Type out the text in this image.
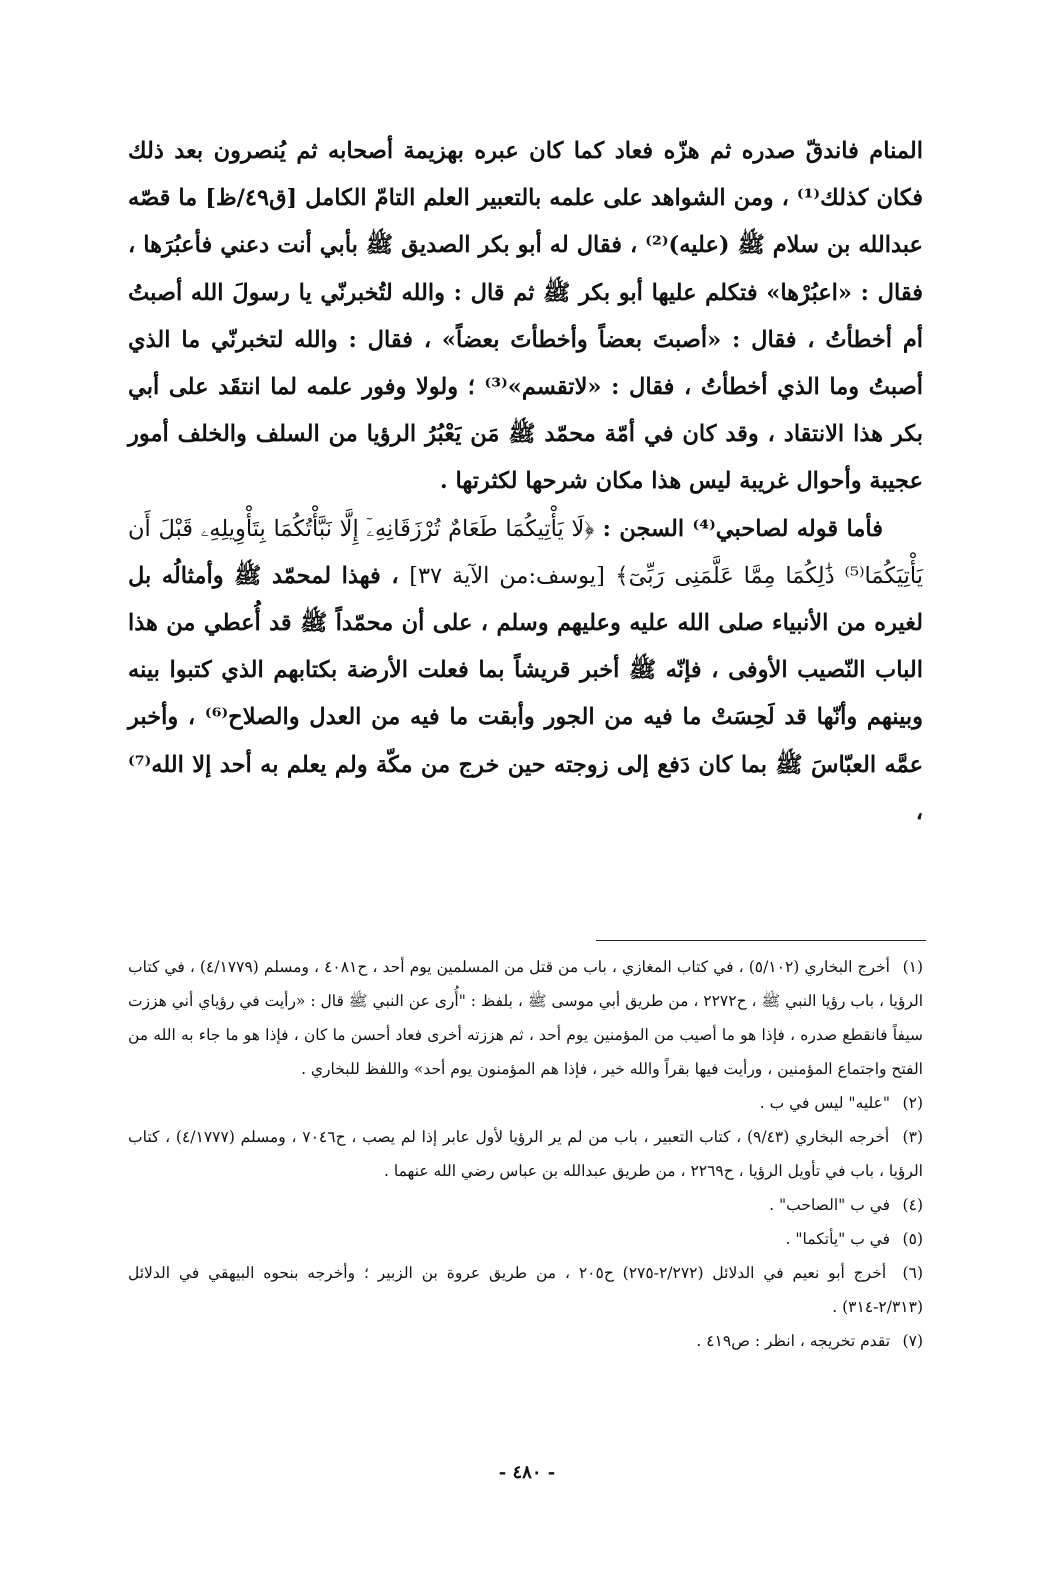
المنام فاندقّ صدره ثم هزّه فعاد كما كان عبره بهزيمة أصحابه ثم يُنصرون بعد ذلك فكان كذلك⁽¹⁾ ، ومن الشواهد على علمه بالتعبير العلم التامّ الكامل [ق٤٩/ظ] ما قصّه عبدالله بن سلام ﷺ (عليه)⁽²⁾ ، فقال له أبو بكر الصديق ﷺ بأبي أنت دعني فأعبُرَها ، فقال : «اعبُرْها» فتكلم عليها أبو بكر ﷺ ثم قال : والله لتُخبرنّي يا رسولَ الله أصبتُ أم أخطأتُ ، فقال : «أصبتَ بعضاً وأخطأتَ بعضاً» ، فقال : والله لتخبرنّي ما الذي أصبتُ وما الذي أخطأتُ ، فقال : «لاتقسم»⁽³⁾ ؛ ولولا وفور علمه لما انتقَد على أبي بكر هذا الانتقاد ، وقد كان في أمّة محمّد ﷺ مَن يَعْبُرُ الرؤيا من السلف والخلف أمور عجيبة وأحوال غريبة ليس هذا مكان شرحها لكثرتها .

فأما قوله لصاحبي⁽⁴⁾ السجن : ﴿لَا يَأْتِيكُمَا طَعَامٌ تُرْزَقَانِهِۦٓ إِلَّا نَبَّأْتُكُمَا بِتَأْوِيلِهِۦ قَبْلَ أَن يَأْتِيَكُمَا⁽⁵⁾ ذَٰلِكُمَا مِمَّا عَلَّمَنِى رَبِّىٓ﴾ [يوسف:من الآية ٣٧] ، فهذا لمحمّد ﷺ وأمثالُه بل لغيره من الأنبياء صلى الله عليه وعليهم وسلم ، على أن محمّداً ﷺ قد أُعطي من هذا الباب النّصيب الأوفى ، فإنّه ﷺ أخبر قريشاً بما فعلت الأرضة بكتابهم الذي كتبوا بينه وبينهم وأنّها قد لَحِسَتْ ما فيه من الجور وأبقت ما فيه من العدل والصلاح⁽⁶⁾ ، وأخبر عمَّه العبّاسَ ﷺ بما كان دَفع إلى زوجته حين خرج من مكّة ولم يعلم به أحد إلا الله⁽⁷⁾ ،

(١) أخرج البخاري (٥/١٠٢) ، في كتاب المغازي ، باب من قتل من المسلمين يوم أحد ، ح٤٠٨١ ، ومسلم (٤/١٧٧٩) ، في كتاب الرؤيا ، باب رؤيا النبي ﷺ ، ح٢٢٧٢ ، من طريق أبي موسى ﷺ ، بلفظ : "أُرى عن النبي ﷺ قال : «رأيت في رؤياي أني هززت سيفاً فانقطع صدره ، فإذا هو ما أصيب من المؤمنين يوم أحد ، ثم هززته أخرى فعاد أحسن ما كان ، فإذا هو ما جاء به الله من الفتح واجتماع المؤمنين ، ورأيت فيها بقراً والله خير ، فإذا هم المؤمنون يوم أحد» واللفظ للبخاري .

(٢) "عليه" ليس في ب .

(٣) أخرجه البخاري (٩/٤٣) ، كتاب التعبير ، باب من لم ير الرؤيا لأول عابر إذا لم يصب ، ح٧٠٤٦ ، ومسلم (٤/١٧٧٧) ، كتاب الرؤيا ، باب في تأويل الرؤيا ، ح٢٢٦٩ ، من طريق عبدالله بن عباس رضي الله عنهما .

(٤) في ب "الصاحب" .

(٥) في ب "يأتكما" .

(٦) أخرج أبو نعيم في الدلائل (٢/٢٧٢-٢٧٥) ح٢٠٥ ، من طريق عروة بن الزبير ؛ وأخرجه بنحوه البيهقي في الدلائل (٢/٣١٣-٣١٤) .

(٧) تقدم تخريجه ، انظر : ص٤١٩ .

- ٤٨٠ -
